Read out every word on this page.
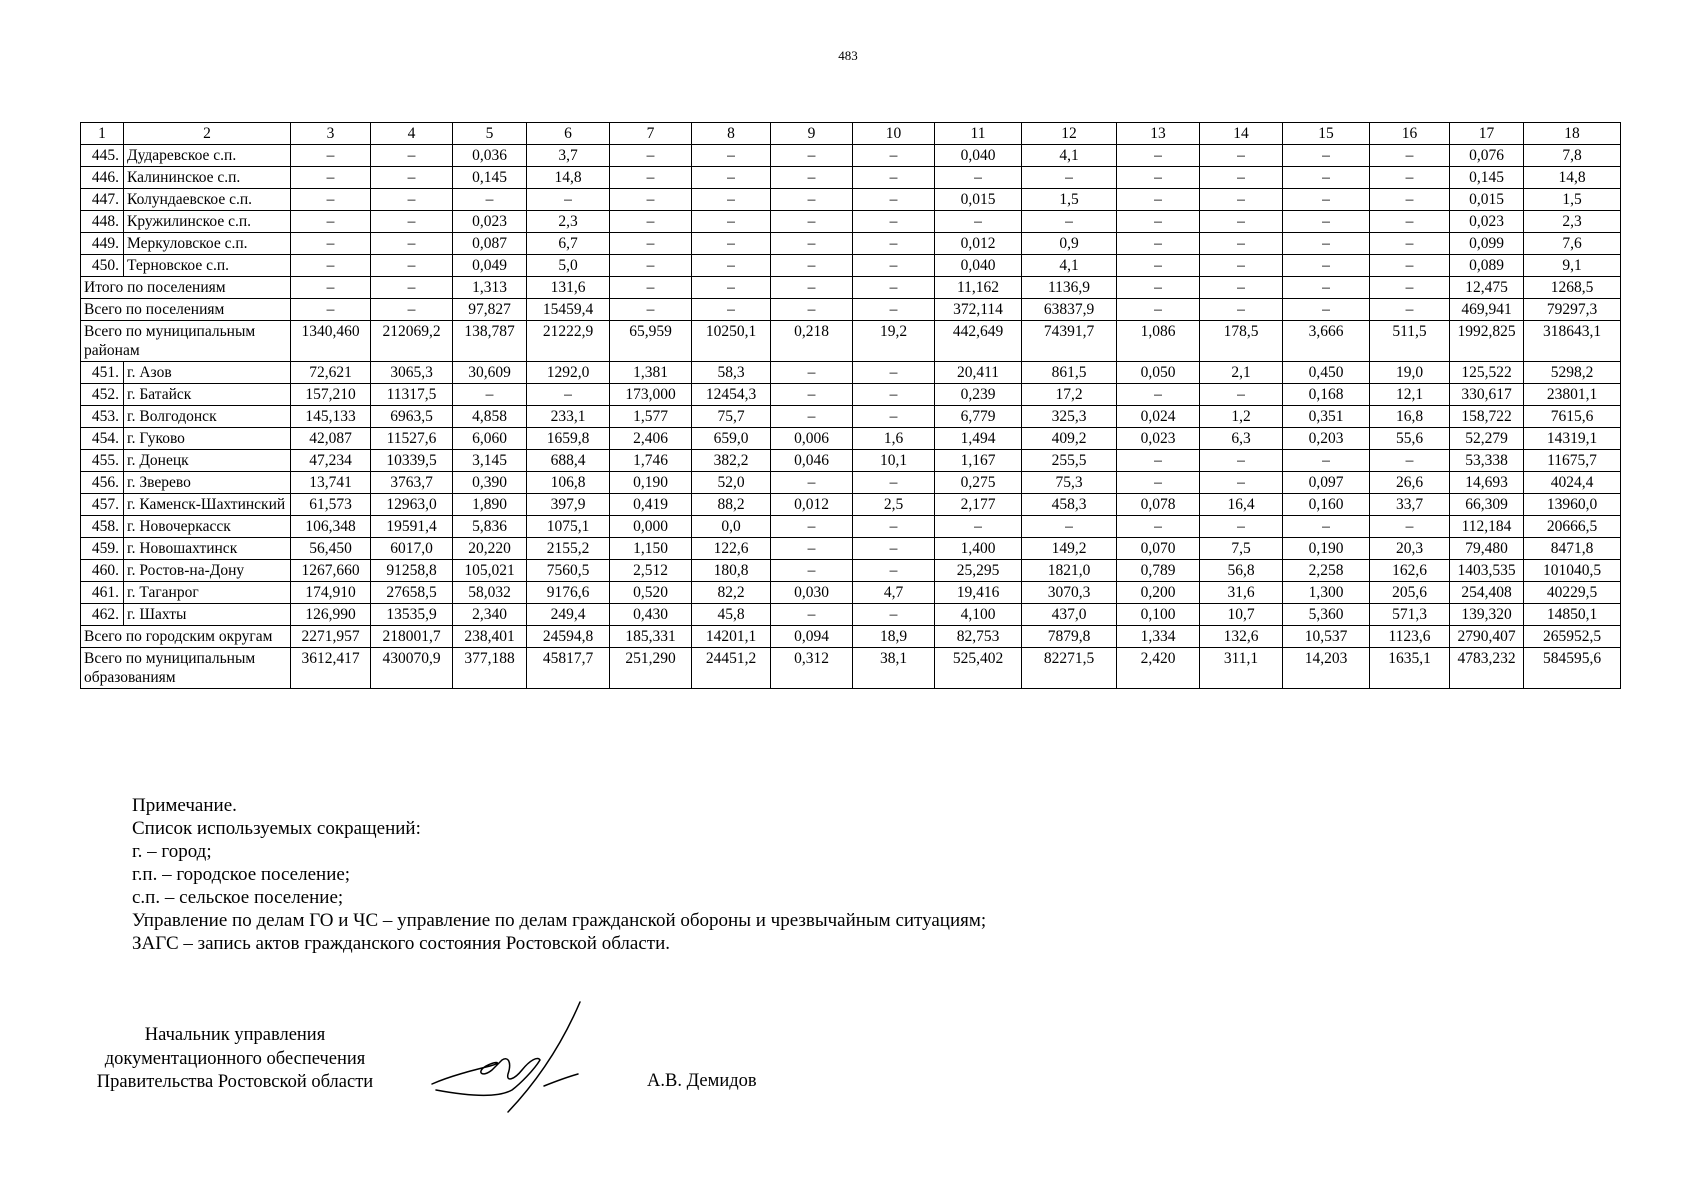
483
1	2	3	4	5	6	7	8	9	10	11	12	13	14	15	16	17	18
445.	Дударевское с.п.	–	–	0,036	3,7	–	–	–	–	0,040	4,1	–	–	–	–	0,076	7,8
446.	Калининское с.п.	–	–	0,145	14,8	–	–	–	–	–	–	–	–	–	–	0,145	14,8
447.	Колундаевское с.п.	–	–	–	–	–	–	–	–	0,015	1,5	–	–	–	–	0,015	1,5
448.	Кружилинское с.п.	–	–	0,023	2,3	–	–	–	–	–	–	–	–	–	–	0,023	2,3
449.	Меркуловское с.п.	–	–	0,087	6,7	–	–	–	–	0,012	0,9	–	–	–	–	0,099	7,6
450.	Терновское с.п.	–	–	0,049	5,0	–	–	–	–	0,040	4,1	–	–	–	–	0,089	9,1
Итого по поселениям		–	–	1,313	131,6	–	–	–	–	11,162	1136,9	–	–	–	–	12,475	1268,5
Всего по поселениям		–	–	97,827	15459,4	–	–	–	–	372,114	63837,9	–	–	–	–	469,941	79297,3
Всего по муниципальным районам		1340,460	212069,2	138,787	21222,9	65,959	10250,1	0,218	19,2	442,649	74391,7	1,086	178,5	3,666	511,5	1992,825	318643,1
451.	г. Азов	72,621	3065,3	30,609	1292,0	1,381	58,3	–	–	20,411	861,5	0,050	2,1	0,450	19,0	125,522	5298,2
452.	г. Батайск	157,210	11317,5	–	–	173,000	12454,3	–	–	0,239	17,2	–	–	0,168	12,1	330,617	23801,1
453.	г. Волгодонск	145,133	6963,5	4,858	233,1	1,577	75,7	–	–	6,779	325,3	0,024	1,2	0,351	16,8	158,722	7615,6
454.	г. Гуково	42,087	11527,6	6,060	1659,8	2,406	659,0	0,006	1,6	1,494	409,2	0,023	6,3	0,203	55,6	52,279	14319,1
455.	г. Донецк	47,234	10339,5	3,145	688,4	1,746	382,2	0,046	10,1	1,167	255,5	–	–	–	–	53,338	11675,7
456.	г. Зверево	13,741	3763,7	0,390	106,8	0,190	52,0	–	–	0,275	75,3	–	–	0,097	26,6	14,693	4024,4
457.	г. Каменск-Шахтинский	61,573	12963,0	1,890	397,9	0,419	88,2	0,012	2,5	2,177	458,3	0,078	16,4	0,160	33,7	66,309	13960,0
458.	г. Новочеркасск	106,348	19591,4	5,836	1075,1	0,000	0,0	–	–	–	–	–	–	–	–	112,184	20666,5
459.	г. Новошахтинск	56,450	6017,0	20,220	2155,2	1,150	122,6	–	–	1,400	149,2	0,070	7,5	0,190	20,3	79,480	8471,8
460.	г. Ростов-на-Дону	1267,660	91258,8	105,021	7560,5	2,512	180,8	–	–	25,295	1821,0	0,789	56,8	2,258	162,6	1403,535	101040,5
461.	г. Таганрог	174,910	27658,5	58,032	9176,6	0,520	82,2	0,030	4,7	19,416	3070,3	0,200	31,6	1,300	205,6	254,408	40229,5
462.	г. Шахты	126,990	13535,9	2,340	249,4	0,430	45,8	–	–	4,100	437,0	0,100	10,7	5,360	571,3	139,320	14850,1
Всего по городским округам		2271,957	218001,7	238,401	24594,8	185,331	14201,1	0,094	18,9	82,753	7879,8	1,334	132,6	10,537	1123,6	2790,407	265952,5
Всего по муниципальным образованиям		3612,417	430070,9	377,188	45817,7	251,290	24451,2	0,312	38,1	525,402	82271,5	2,420	311,1	14,203	1635,1	4783,232	584595,6
Примечание.
Список используемых сокращений:
г. – город;
г.п. – городское поселение;
с.п. – сельское поселение;
Управление по делам ГО и ЧС – управление по делам гражданской обороны и чрезвычайным ситуациям;
ЗАГС – запись актов гражданского состояния Ростовской области.
Начальник управления
документационного обеспечения
Правительства Ростовской области	А.В. Демидов
